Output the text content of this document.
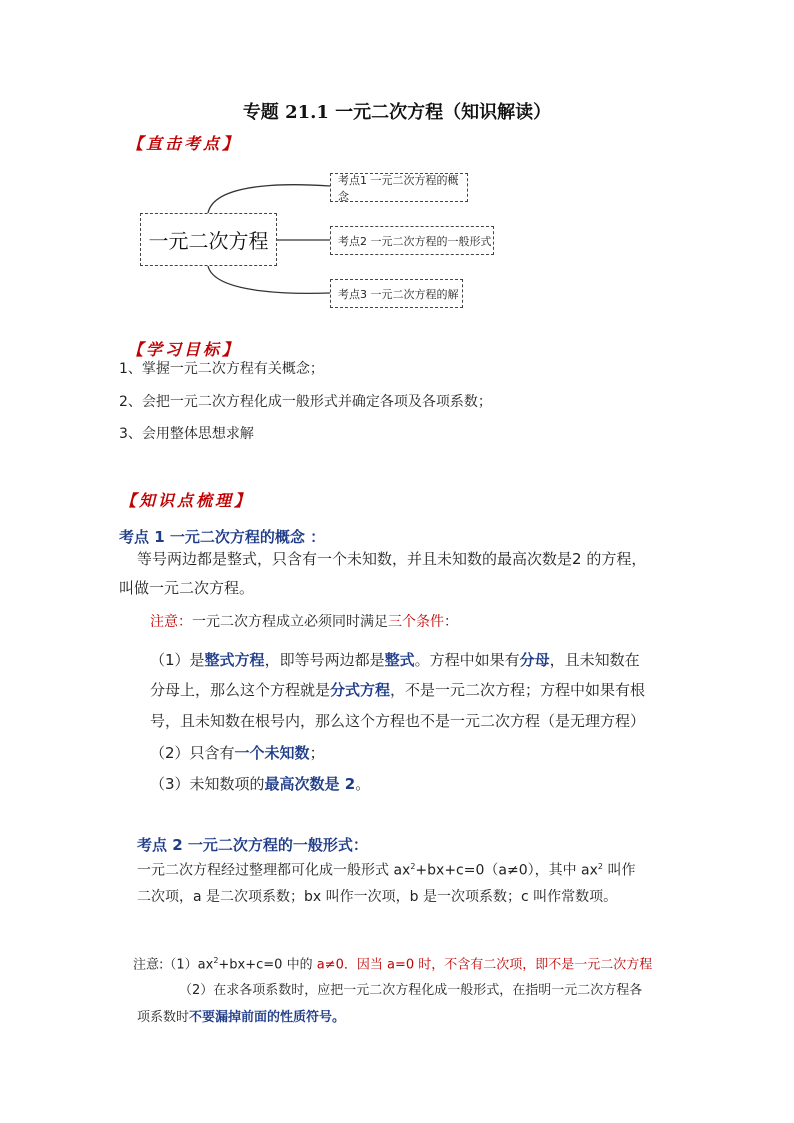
专题 21.1 一元二次方程（知识解读）
【直击考点】
一元二次方程
考点1 一元二次方程的概念
考点2 一元二次方程的一般形式
考点3 一元二次方程的解
【学习目标】
1、掌握一元二次方程有关概念；
2、会把一元二次方程化成一般形式并确定各项及各项系数；
3、会用整体思想求解
【知识点梳理】
考点 1 一元二次方程的概念 ：
等号两边都是整式，只含有一个未知数，并且未知数的最高次数是2 的方程，
叫做一元二次方程。
注意：一元二次方程成立必须同时满足三个条件：
（1）是整式方程，即等号两边都是整式。方程中如果有分母，且未知数在
分母上，那么这个方程就是分式方程，不是一元二次方程；方程中如果有根
号，且未知数在根号内，那么这个方程也不是一元二次方程（是无理方程）
（2）只含有一个未知数；
（3）未知数项的最高次数是 2。
考点 2 一元二次方程的一般形式：
一元二次方程经过整理都可化成一般形式 $ax^2+bx+c=0(a\ne 0)$，其中 $ax^2$ 叫作
二次项，a 是二次项系数；bx 叫作一次项，b 是一次项系数；c 叫作常数项。
注意$:(1)ax^2+bx+c=0$ 中的 a≠0．因当 a=0 时，不含有二次项，即不是一元二次方程
（2）在求各项系数时，应把一元二次方程化成一般形式，在指明一元二次方程各
项系数时不要漏掉前面的性质符号。
